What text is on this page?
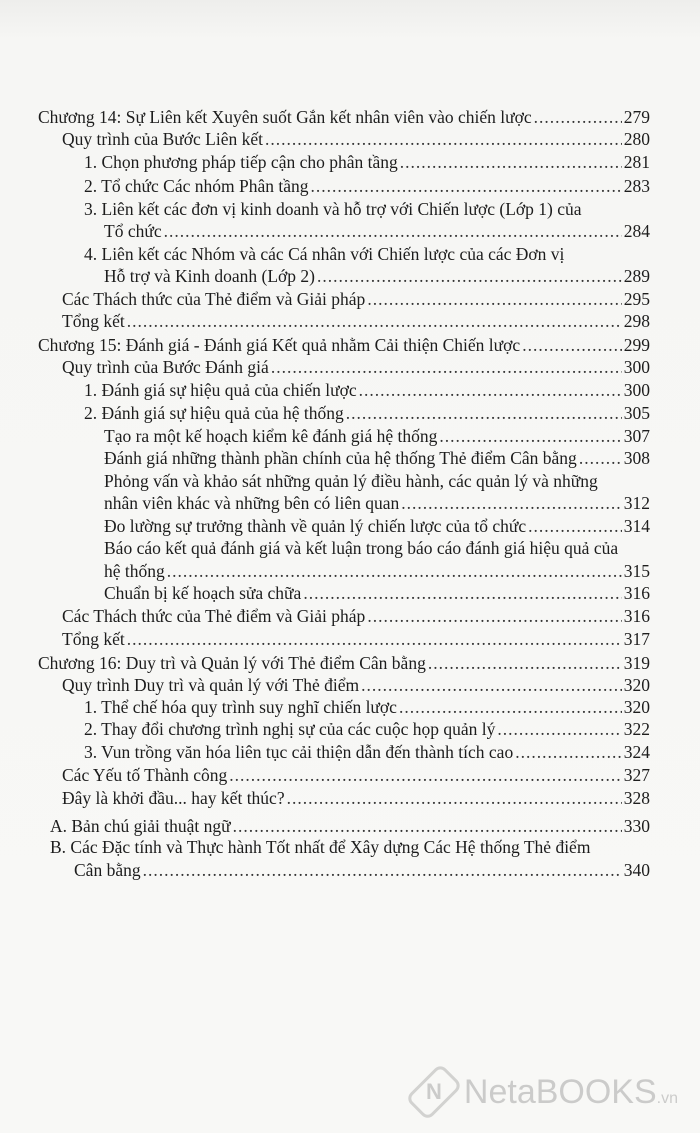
Chương 14: Sự Liên kết Xuyên suốt Gắn kết nhân viên vào chiến lược .....	279
Quy trình của Bước Liên kết .....	280
1. Chọn phương pháp tiếp cận cho phân tầng .....	281
2. Tổ chức Các nhóm Phân tầng .....	283
3. Liên kết các đơn vị kinh doanh và hỗ trợ với Chiến lược (Lớp 1) của
Tổ chức .....	284
4. Liên kết các Nhóm và các Cá nhân với Chiến lược của các Đơn vị
Hỗ trợ và Kinh doanh (Lớp 2) .....	289
Các Thách thức của Thẻ điểm và Giải pháp .....	295
Tổng kết .....	298
Chương 15: Đánh giá - Đánh giá Kết quả nhằm Cải thiện Chiến lược .....	299
Quy trình của Bước Đánh giá .....	300
1. Đánh giá sự hiệu quả của chiến lược .....	300
2. Đánh giá sự hiệu quả của hệ thống .....	305
Tạo ra một kế hoạch kiểm kê đánh giá hệ thống .....	307
Đánh giá những thành phần chính của hệ thống Thẻ điểm Cân bằng .....	308
Phỏng vấn và khảo sát những quản lý điều hành, các quản lý và những
nhân viên khác và những bên có liên quan .....	312
Đo lường sự trưởng thành về quản lý chiến lược của tổ chức .....	314
Báo cáo kết quả đánh giá và kết luận trong báo cáo đánh giá hiệu quả của
hệ thống .....	315
Chuẩn bị kế hoạch sửa chữa .....	316
Các Thách thức của Thẻ điểm và Giải pháp .....	316
Tổng kết .....	317
Chương 16: Duy trì và Quản lý với Thẻ điểm Cân bằng .....	319
Quy trình Duy trì và quản lý với Thẻ điểm .....	320
1. Thể chế hóa quy trình suy nghĩ chiến lược .....	320
2. Thay đổi chương trình nghị sự của các cuộc họp quản lý .....	322
3. Vun trồng văn hóa liên tục cải thiện dẫn đến thành tích cao .....	324
Các Yếu tố Thành công .....	327
Đây là khởi đầu... hay kết thúc? .....	328
A. Bản chú giải thuật ngữ .....	330
B. Các Đặc tính và Thực hành Tốt nhất để Xây dựng Các Hệ thống Thẻ điểm
Cân bằng .....	340
N NetaBOOKS.vn
